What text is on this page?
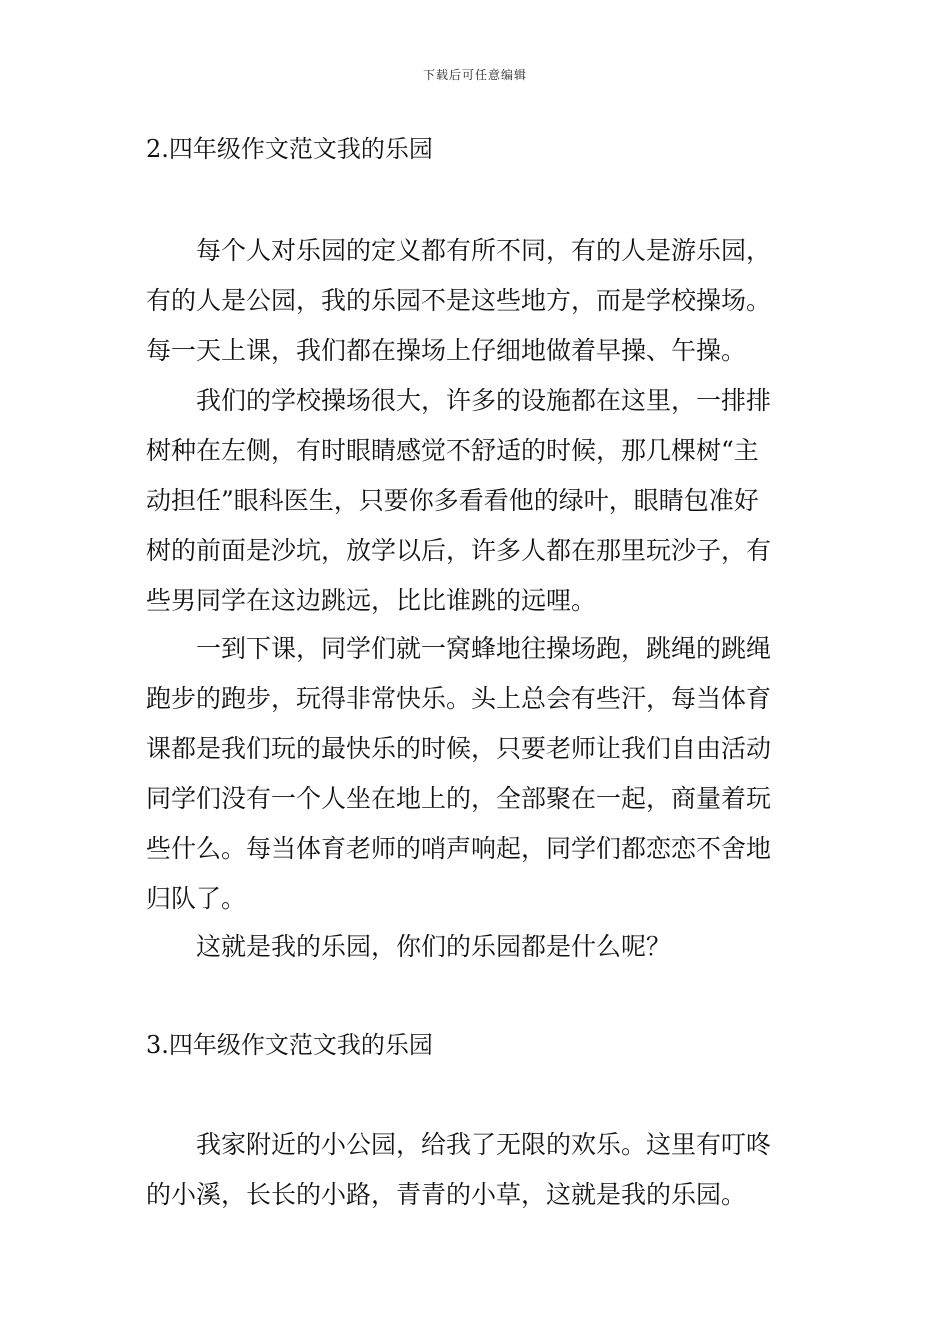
下载后可任意编辑
2.四年级作文范文我的乐园
每个人对乐园的定义都有所不同，有的人是游乐园，
有的人是公园，我的乐园不是这些地方，而是学校操场。
每一天上课，我们都在操场上仔细地做着早操、午操。
我们的学校操场很大，许多的设施都在这里，一排排
树种在左侧，有时眼睛感觉不舒适的时候，那几棵树“主
动担任”眼科医生，只要你多看看他的绿叶，眼睛包准好
树的前面是沙坑，放学以后，许多人都在那里玩沙子，有
些男同学在这边跳远，比比谁跳的远哩。
一到下课，同学们就一窝蜂地往操场跑，跳绳的跳绳
跑步的跑步，玩得非常快乐。头上总会有些汗，每当体育
课都是我们玩的最快乐的时候，只要老师让我们自由活动
同学们没有一个人坐在地上的，全部聚在一起，商量着玩
些什么。每当体育老师的哨声响起，同学们都恋恋不舍地
归队了。
这就是我的乐园，你们的乐园都是什么呢？
3.四年级作文范文我的乐园
我家附近的小公园，给我了无限的欢乐。这里有叮咚
的小溪，长长的小路，青青的小草，这就是我的乐园。
